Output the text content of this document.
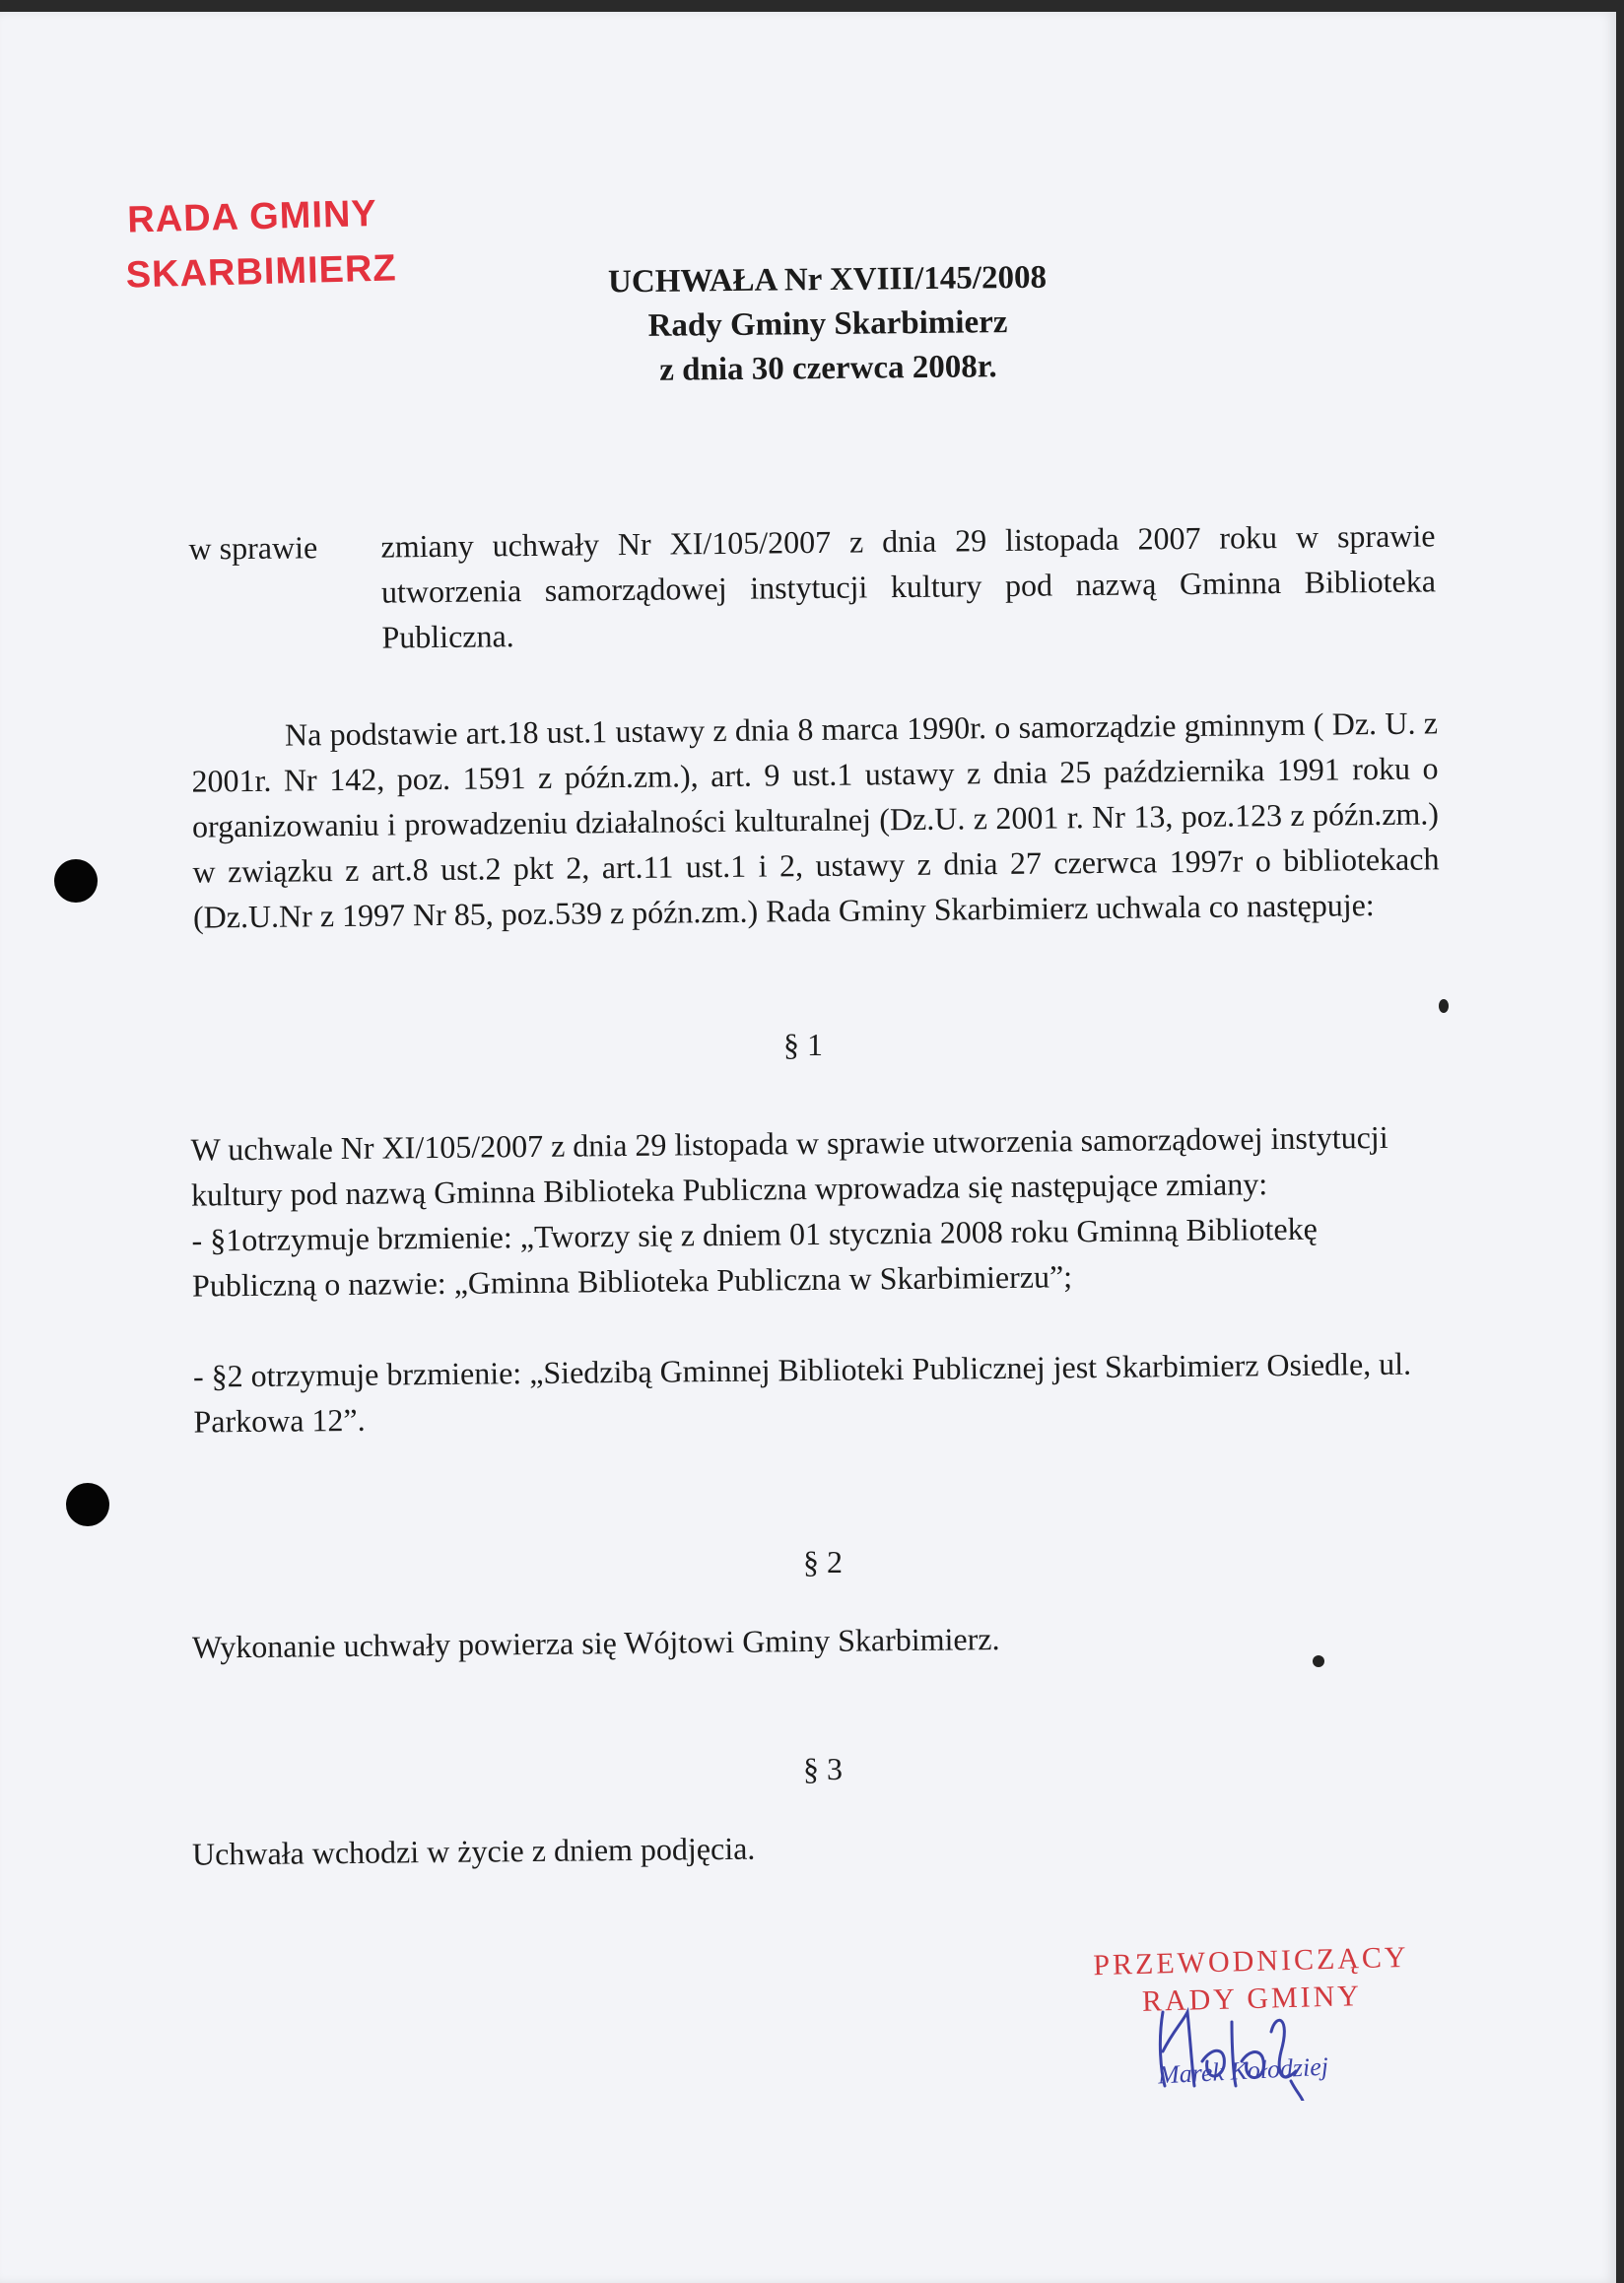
RADA GMINY
SKARBIMIERZ	UCHWAŁA Nr XVIII/145/2008
Rady Gminy Skarbimierz
z dnia 30 czerwca 2008r.
w sprawie zmiany uchwały Nr XI/105/2007 z dnia 29 listopada 2007 roku w sprawie utworzenia samorządowej instytucji kultury pod nazwą Gminna Biblioteka Publiczna.
Na podstawie art.18 ust.1 ustawy z dnia 8 marca 1990r. o samorządzie gminnym ( Dz. U. z 2001r. Nr 142, poz. 1591 z późn.zm.), art. 9 ust.1 ustawy z dnia 25 października 1991 roku o organizowaniu i prowadzeniu działalności kulturalnej (Dz.U. z 2001 r. Nr 13, poz.123 z późn.zm.) w związku z art.8 ust.2 pkt 2, art.11 ust.1 i 2, ustawy z dnia 27 czerwca 1997r o bibliotekach (Dz.U.Nr z 1997 Nr 85, poz.539 z późn.zm.) Rada Gminy Skarbimierz uchwala co następuje:
§ 1

W uchwale Nr XI/105/2007 z dnia 29 listopada w sprawie utworzenia samorządowej instytucji kultury pod nazwą Gminna Biblioteka Publiczna wprowadza się następujące zmiany:

- §1otrzymuje brzmienie: „Tworzy się z dniem 01 stycznia 2008 roku Gminną Bibliotekę Publiczną o nazwie: „Gminna Biblioteka Publiczna w Skarbimierzu”;

- §2 otrzymuje brzmienie: „Siedzibą Gminnej Biblioteki Publicznej jest Skarbimierz Osiedle, ul. Parkowa 12”.

§ 2
Wykonanie uchwały powierza się Wójtowi Gminy Skarbimierz.
§ 3
Uchwała wchodzi w życie z dniem podjęcia.
PRZEWODNICZĄCY
RADY GMINY
Marek Kołodziej
